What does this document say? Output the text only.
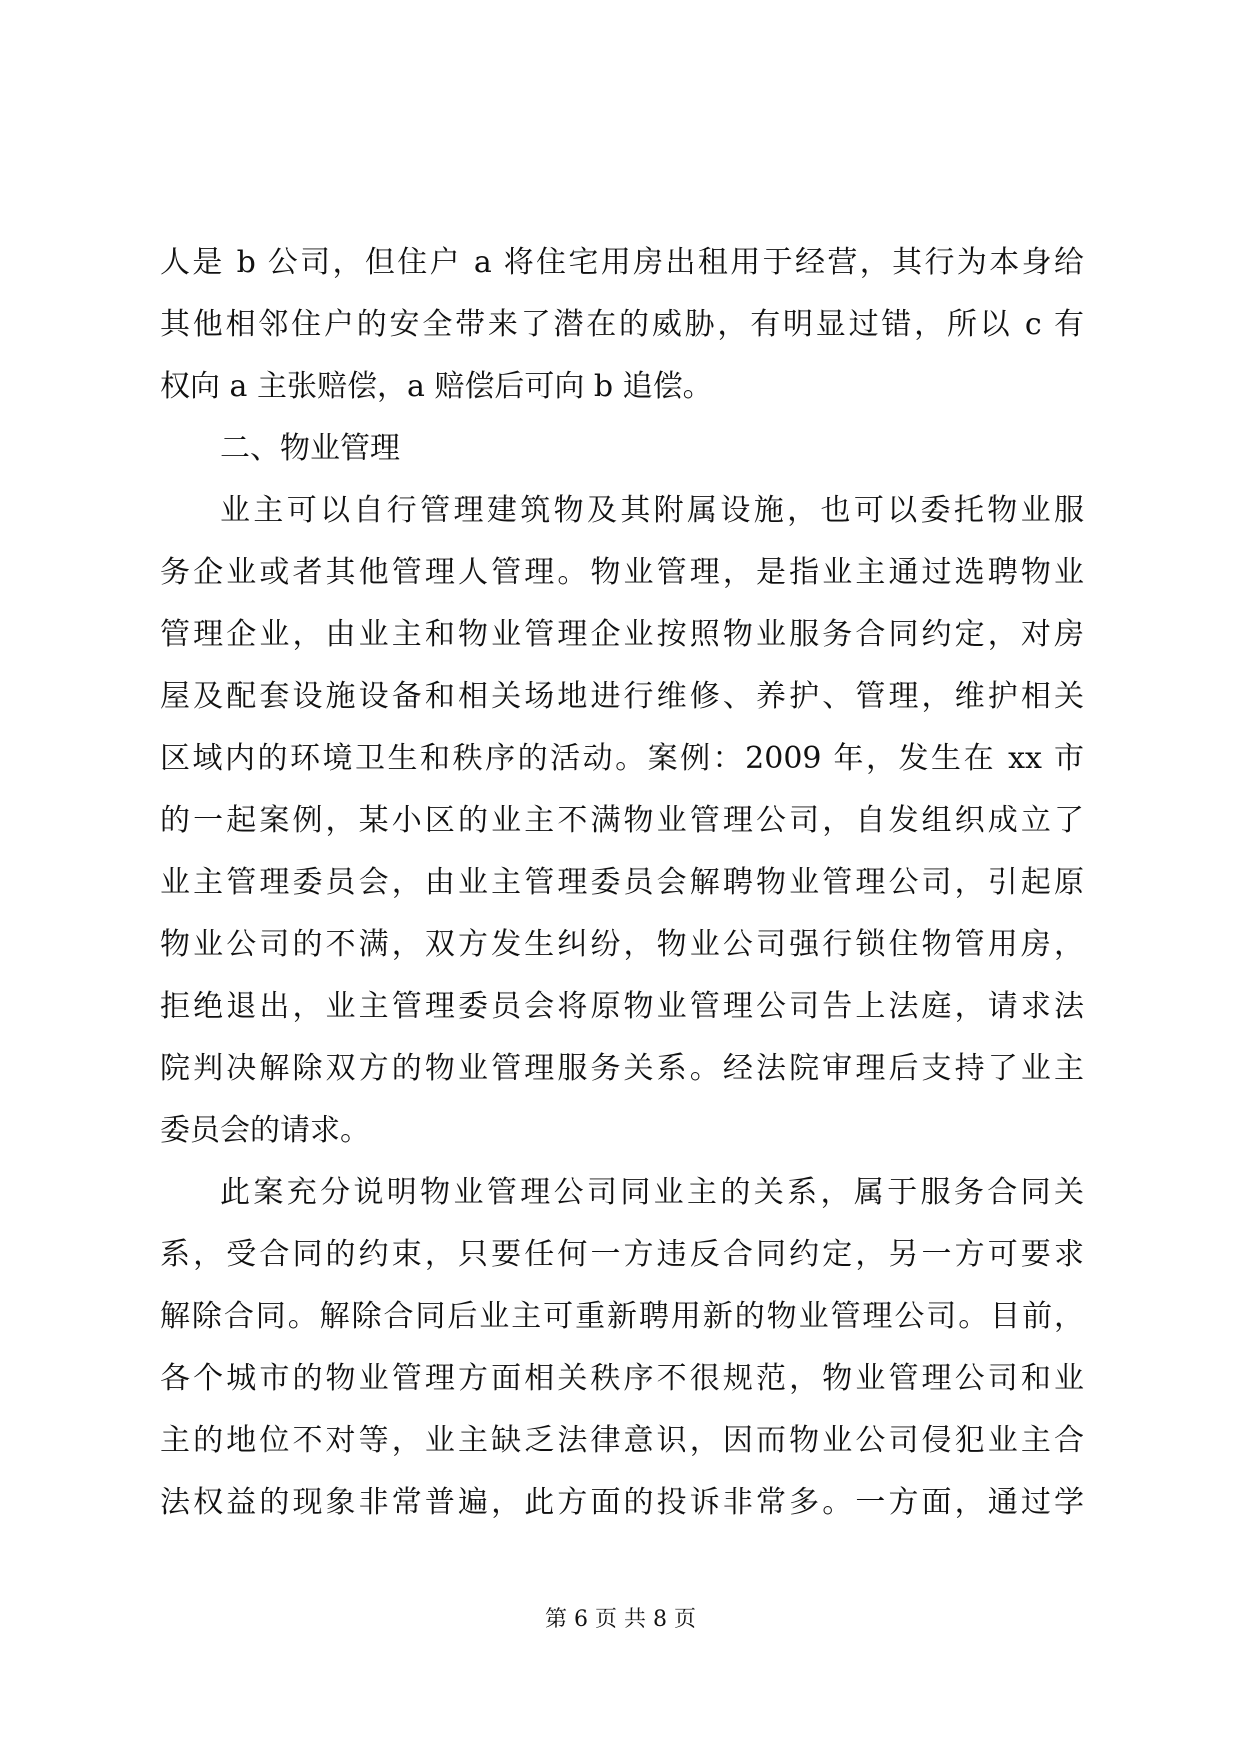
人是 b 公司，但住户 a 将住宅用房出租用于经营，其行为本身给
其他相邻住户的安全带来了潜在的威胁，有明显过错，所以 c 有
权向 a 主张赔偿，a 赔偿后可向 b 追偿。
二、物业管理
业主可以自行管理建筑物及其附属设施，也可以委托物业服
务企业或者其他管理人管理。物业管理，是指业主通过选聘物业
管理企业，由业主和物业管理企业按照物业服务合同约定，对房
屋及配套设施设备和相关场地进行维修、养护、管理，维护相关
区域内的环境卫生和秩序的活动。案例：2009 年，发生在 xx 市
的一起案例，某小区的业主不满物业管理公司，自发组织成立了
业主管理委员会，由业主管理委员会解聘物业管理公司，引起原
物业公司的不满，双方发生纠纷，物业公司强行锁住物管用房，
拒绝退出，业主管理委员会将原物业管理公司告上法庭，请求法
院判决解除双方的物业管理服务关系。经法院审理后支持了业主
委员会的请求。
此案充分说明物业管理公司同业主的关系，属于服务合同关
系，受合同的约束，只要任何一方违反合同约定，另一方可要求
解除合同。解除合同后业主可重新聘用新的物业管理公司。目前，
各个城市的物业管理方面相关秩序不很规范，物业管理公司和业
主的地位不对等，业主缺乏法律意识，因而物业公司侵犯业主合
法权益的现象非常普遍，此方面的投诉非常多。一方面，通过学
第 6 页 共 8 页
